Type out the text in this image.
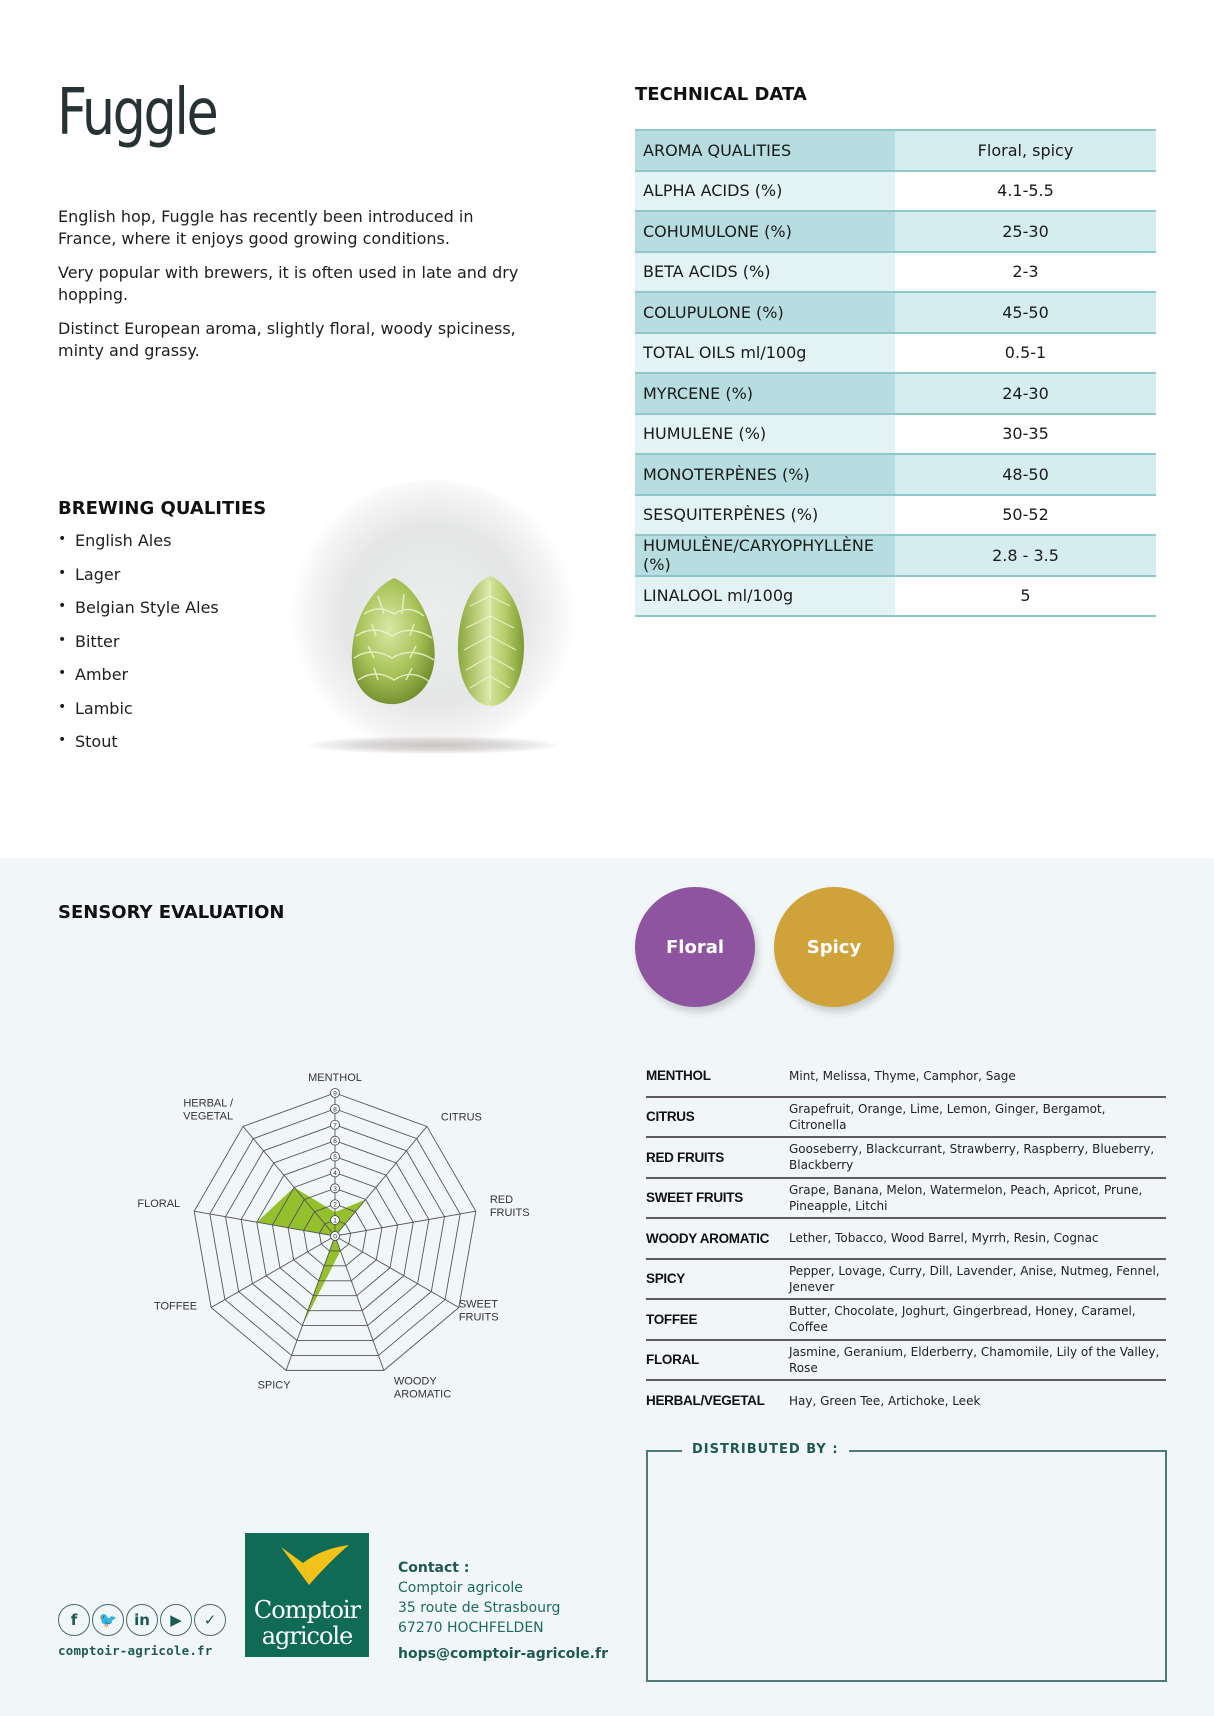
Fuggle

English hop, Fuggle has recently been introduced in France, where it enjoys good growing conditions.

Very popular with brewers, it is often used in late and dry hopping.

Distinct European aroma, slightly floral, woody spiciness, minty and grassy.

BREWING QUALITIES
• English Ales
• Lager
• Belgian Style Ales
• Bitter
• Amber
• Lambic
• Stout
TECHNICAL DATA
AROMA QUALITIES	Floral, spicy
ALPHA ACIDS (%)	4.1-5.5
COHUMULONE (%)	25-30
BETA ACIDS (%)	2-3
COLUPULONE (%)	45-50
TOTAL OILS ml/100g	0.5-1
MYRCENE (%)	24-30
HUMULENE (%)	30-35
MONOTERPÈNES (%)	48-50
SESQUITERPÈNES (%)	50-52
HUMULÈNE/CARYOPHYLLÈNE (%)	2.8 - 3.5
LINALOOL ml/100g	5
SENSORY EVALUATION
Floral	Spicy
0
1
2
3
4
5
6
7
8
9
MENTHOL
CITRUS
RED
FRUITS
SWEET
FRUITS
WOODY
AROMATIC
SPICY
TOFFEE
FLORAL
HERBAL /
VEGETAL
MENTHOL	Mint, Melissa, Thyme, Camphor, Sage
CITRUS	Grapefruit, Orange, Lime, Lemon, Ginger, Bergamot, Citronella
RED FRUITS	Gooseberry, Blackcurrant, Strawberry, Raspberry, Blueberry, Blackberry
SWEET FRUITS	Grape, Banana, Melon, Watermelon, Peach, Apricot, Prune, Pineapple, Litchi
WOODY AROMATIC	Lether, Tobacco, Wood Barrel, Myrrh, Resin, Cognac
SPICY	Pepper, Lovage, Curry, Dill, Lavender, Anise, Nutmeg, Fennel, Jenever
TOFFEE	Butter, Chocolate, Joghurt, Gingerbread, Honey, Caramel, Coffee
FLORAL	Jasmine, Geranium, Elderberry, Chamomile, Lily of the Valley, Rose
HERBAL/VEGETAL	Hay, Green Tee, Artichoke, Leek
DISTRIBUTED BY :
f	🐦	in	▶	✓
comptoir-agricole.fr
Comptoir
agricole
Contact :
Comptoir agricole
35 route de Strasbourg
67270 HOCHFELDEN
hops@comptoir-agricole.fr
